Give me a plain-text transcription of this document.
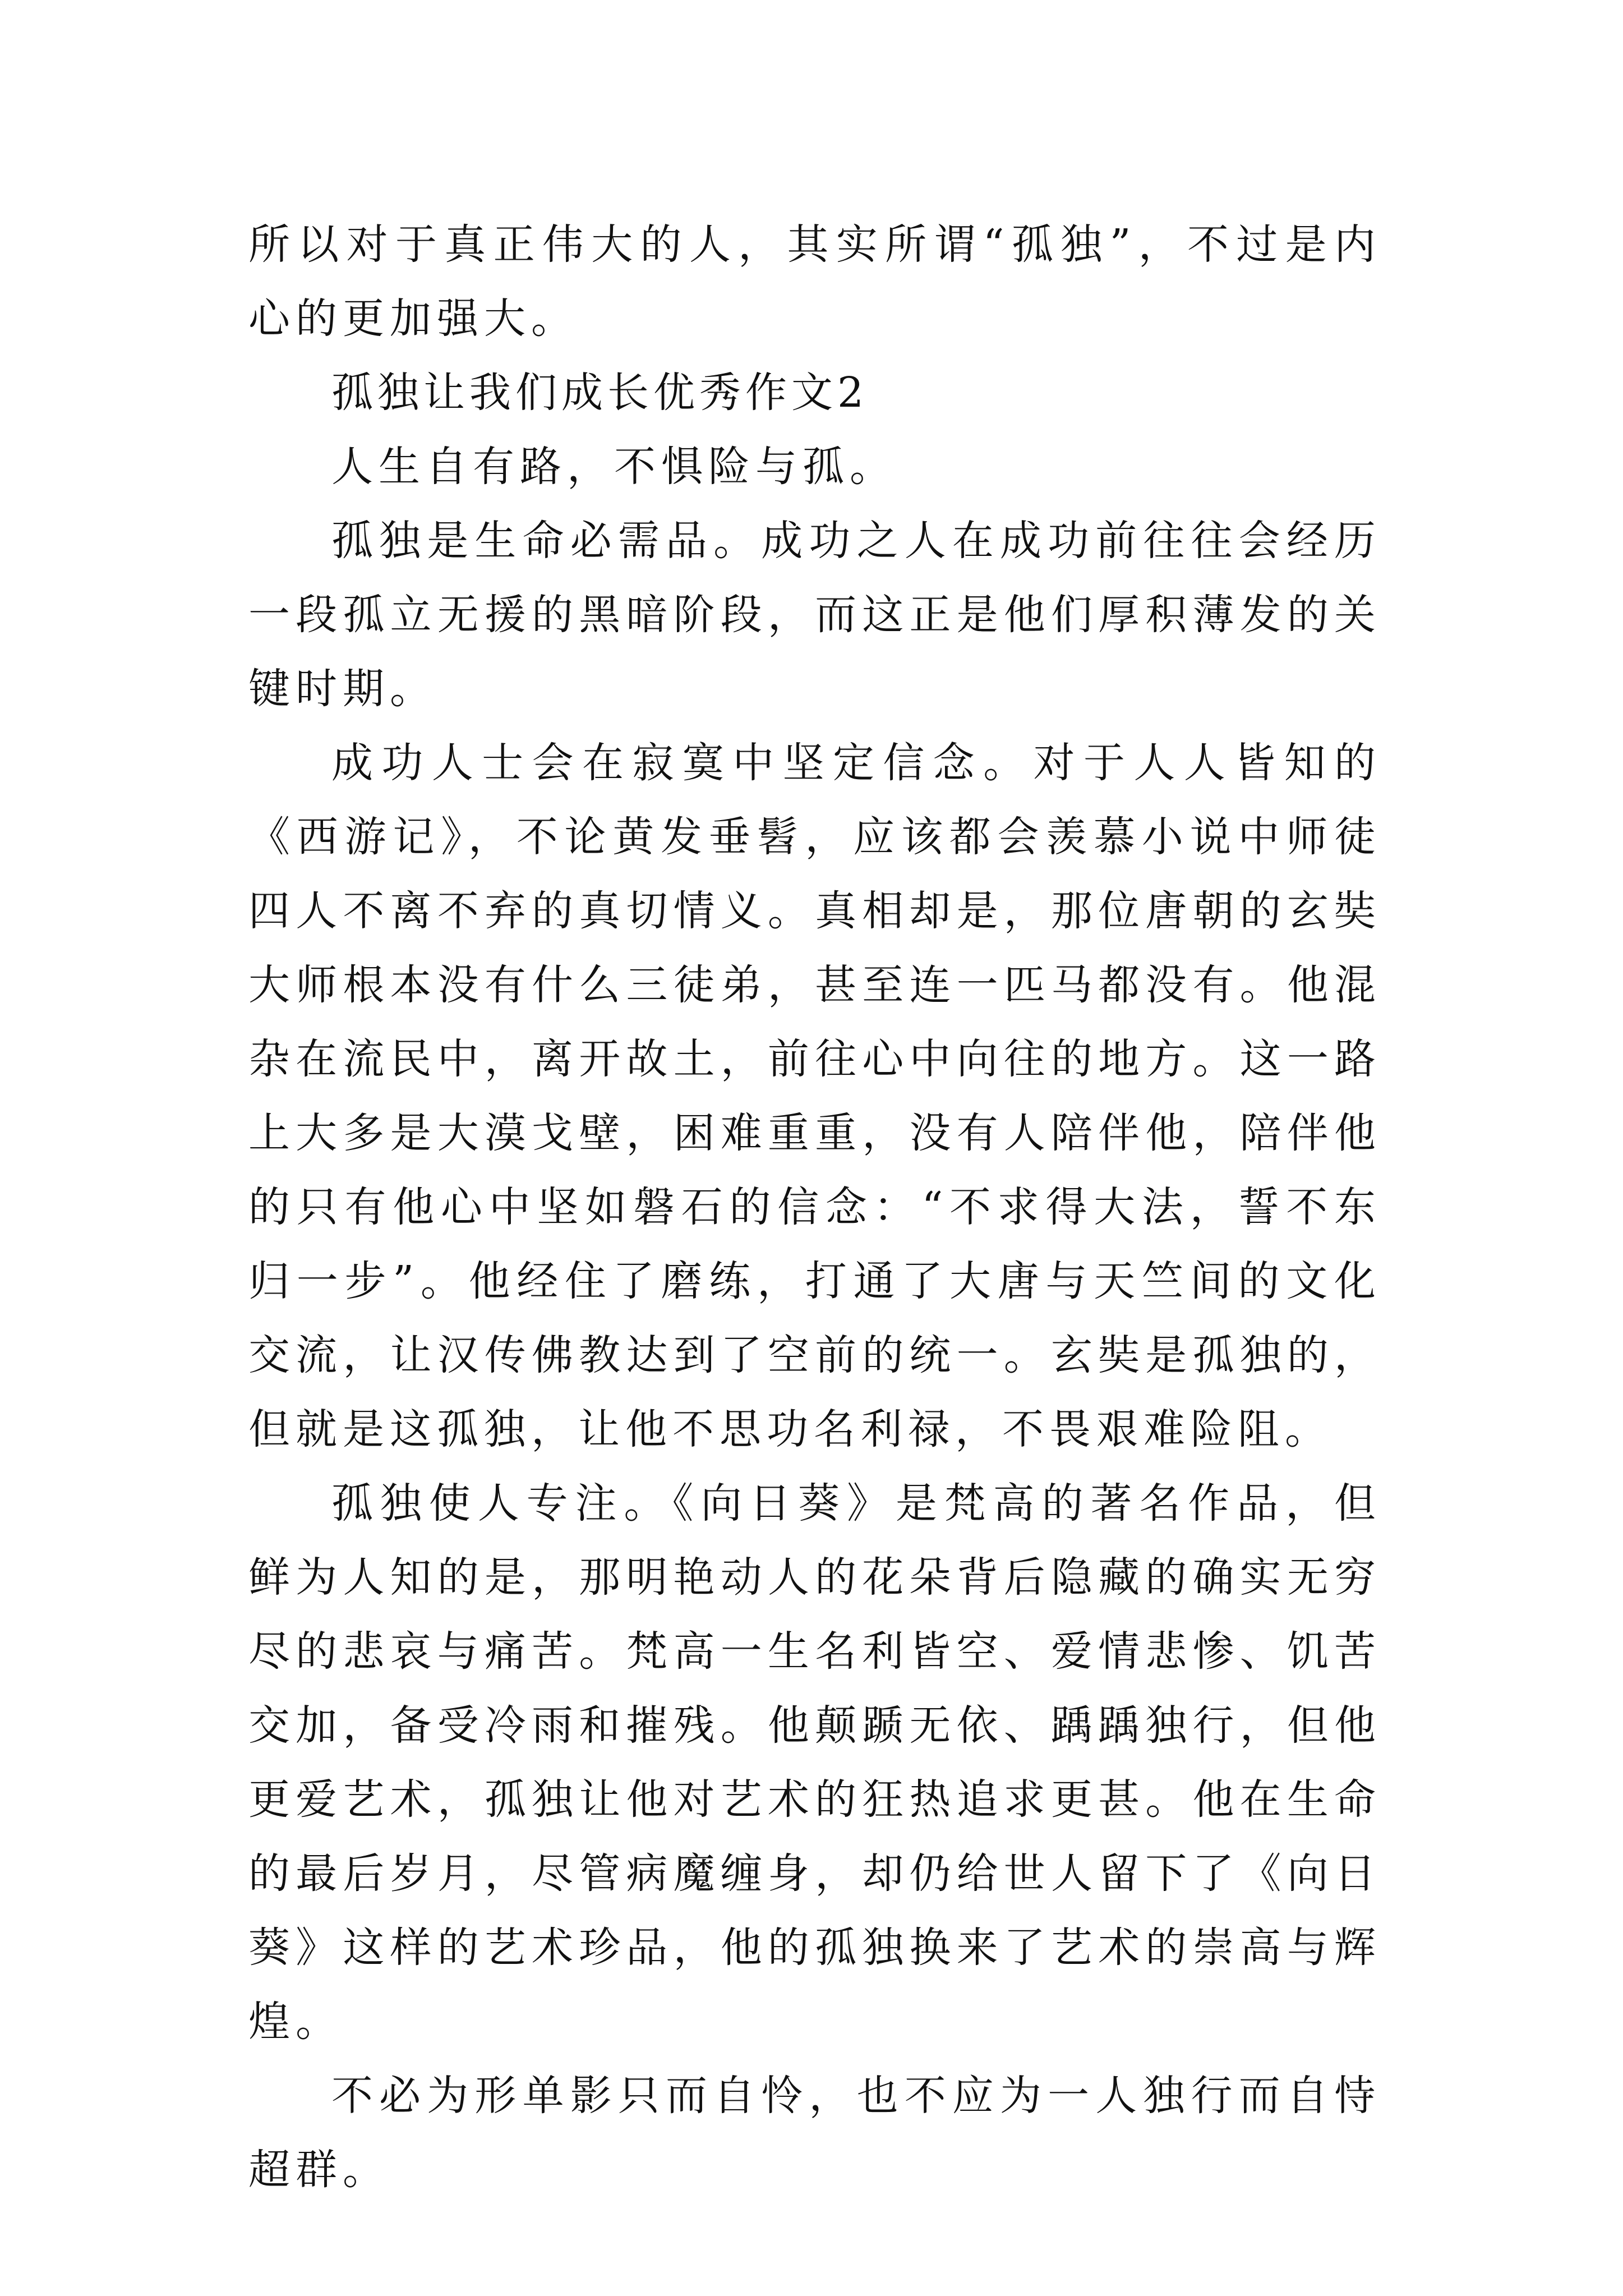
所以对于真正伟大的人，其实所谓“孤独”，不过是内心的更加强大。

孤独让我们成长优秀作文2

人生自有路，不惧险与孤。

孤独是生命必需品。成功之人在成功前往往会经历一段孤立无援的黑暗阶段，而这正是他们厚积薄发的关键时期。

成功人士会在寂寞中坚定信念。对于人人皆知的《西游记》，不论黄发垂髫，应该都会羡慕小说中师徒四人不离不弃的真切情义。真相却是，那位唐朝的玄奘大师根本没有什么三徒弟，甚至连一匹马都没有。他混杂在流民中，离开故土，前往心中向往的地方。这一路上大多是大漠戈壁，困难重重，没有人陪伴他，陪伴他的只有他心中坚如磐石的信念：“不求得大法，誓不东归一步”。他经住了磨练，打通了大唐与天竺间的文化交流，让汉传佛教达到了空前的统一。玄奘是孤独的，但就是这孤独，让他不思功名利禄，不畏艰难险阻。

孤独使人专注。《向日葵》是梵高的著名作品，但鲜为人知的是，那明艳动人的花朵背后隐藏的确实无穷尽的悲哀与痛苦。梵高一生名利皆空、爱情悲惨、饥苦交加，备受冷雨和摧残。他颠踬无依、踽踽独行，但他更爱艺术，孤独让他对艺术的狂热追求更甚。他在生命的最后岁月，尽管病魔缠身，却仍给世人留下了《向日葵》这样的艺术珍品，他的孤独换来了艺术的崇高与辉煌。

不必为形单影只而自怜，也不应为一人独行而自恃超群。
